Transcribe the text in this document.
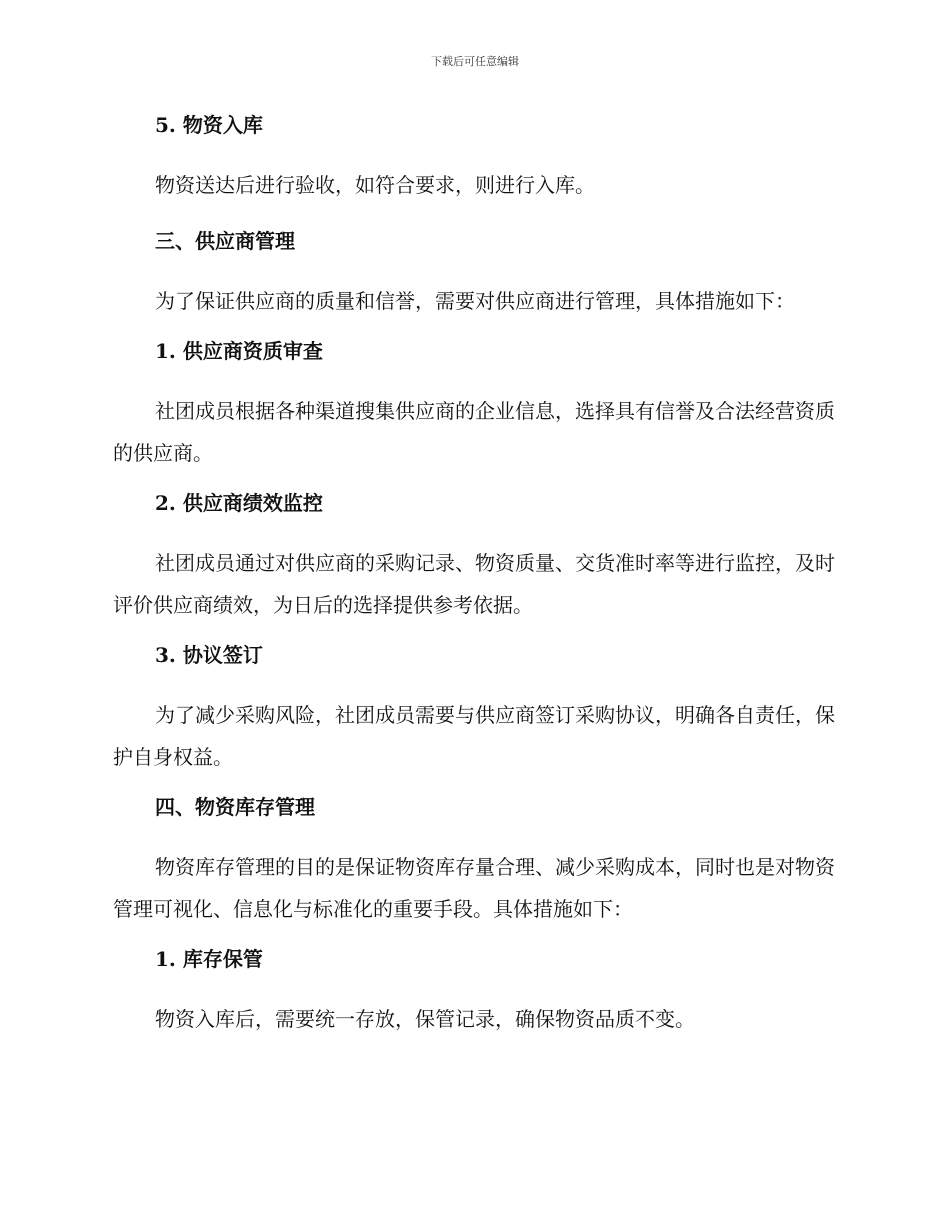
下载后可任意编辑
5. 物资入库

物资送达后进行验收，如符合要求，则进行入库。

三、供应商管理

为了保证供应商的质量和信誉，需要对供应商进行管理，具体措施如下：

1. 供应商资质审查

社团成员根据各种渠道搜集供应商的企业信息，选择具有信誉及合法经营资质的供应商。

2. 供应商绩效监控

社团成员通过对供应商的采购记录、物资质量、交货准时率等进行监控，及时评价供应商绩效，为日后的选择提供参考依据。

3. 协议签订

为了减少采购风险，社团成员需要与供应商签订采购协议，明确各自责任，保护自身权益。

四、物资库存管理

物资库存管理的目的是保证物资库存量合理、减少采购成本，同时也是对物资管理可视化、信息化与标准化的重要手段。具体措施如下：

1. 库存保管

物资入库后，需要统一存放，保管记录，确保物资品质不变。
